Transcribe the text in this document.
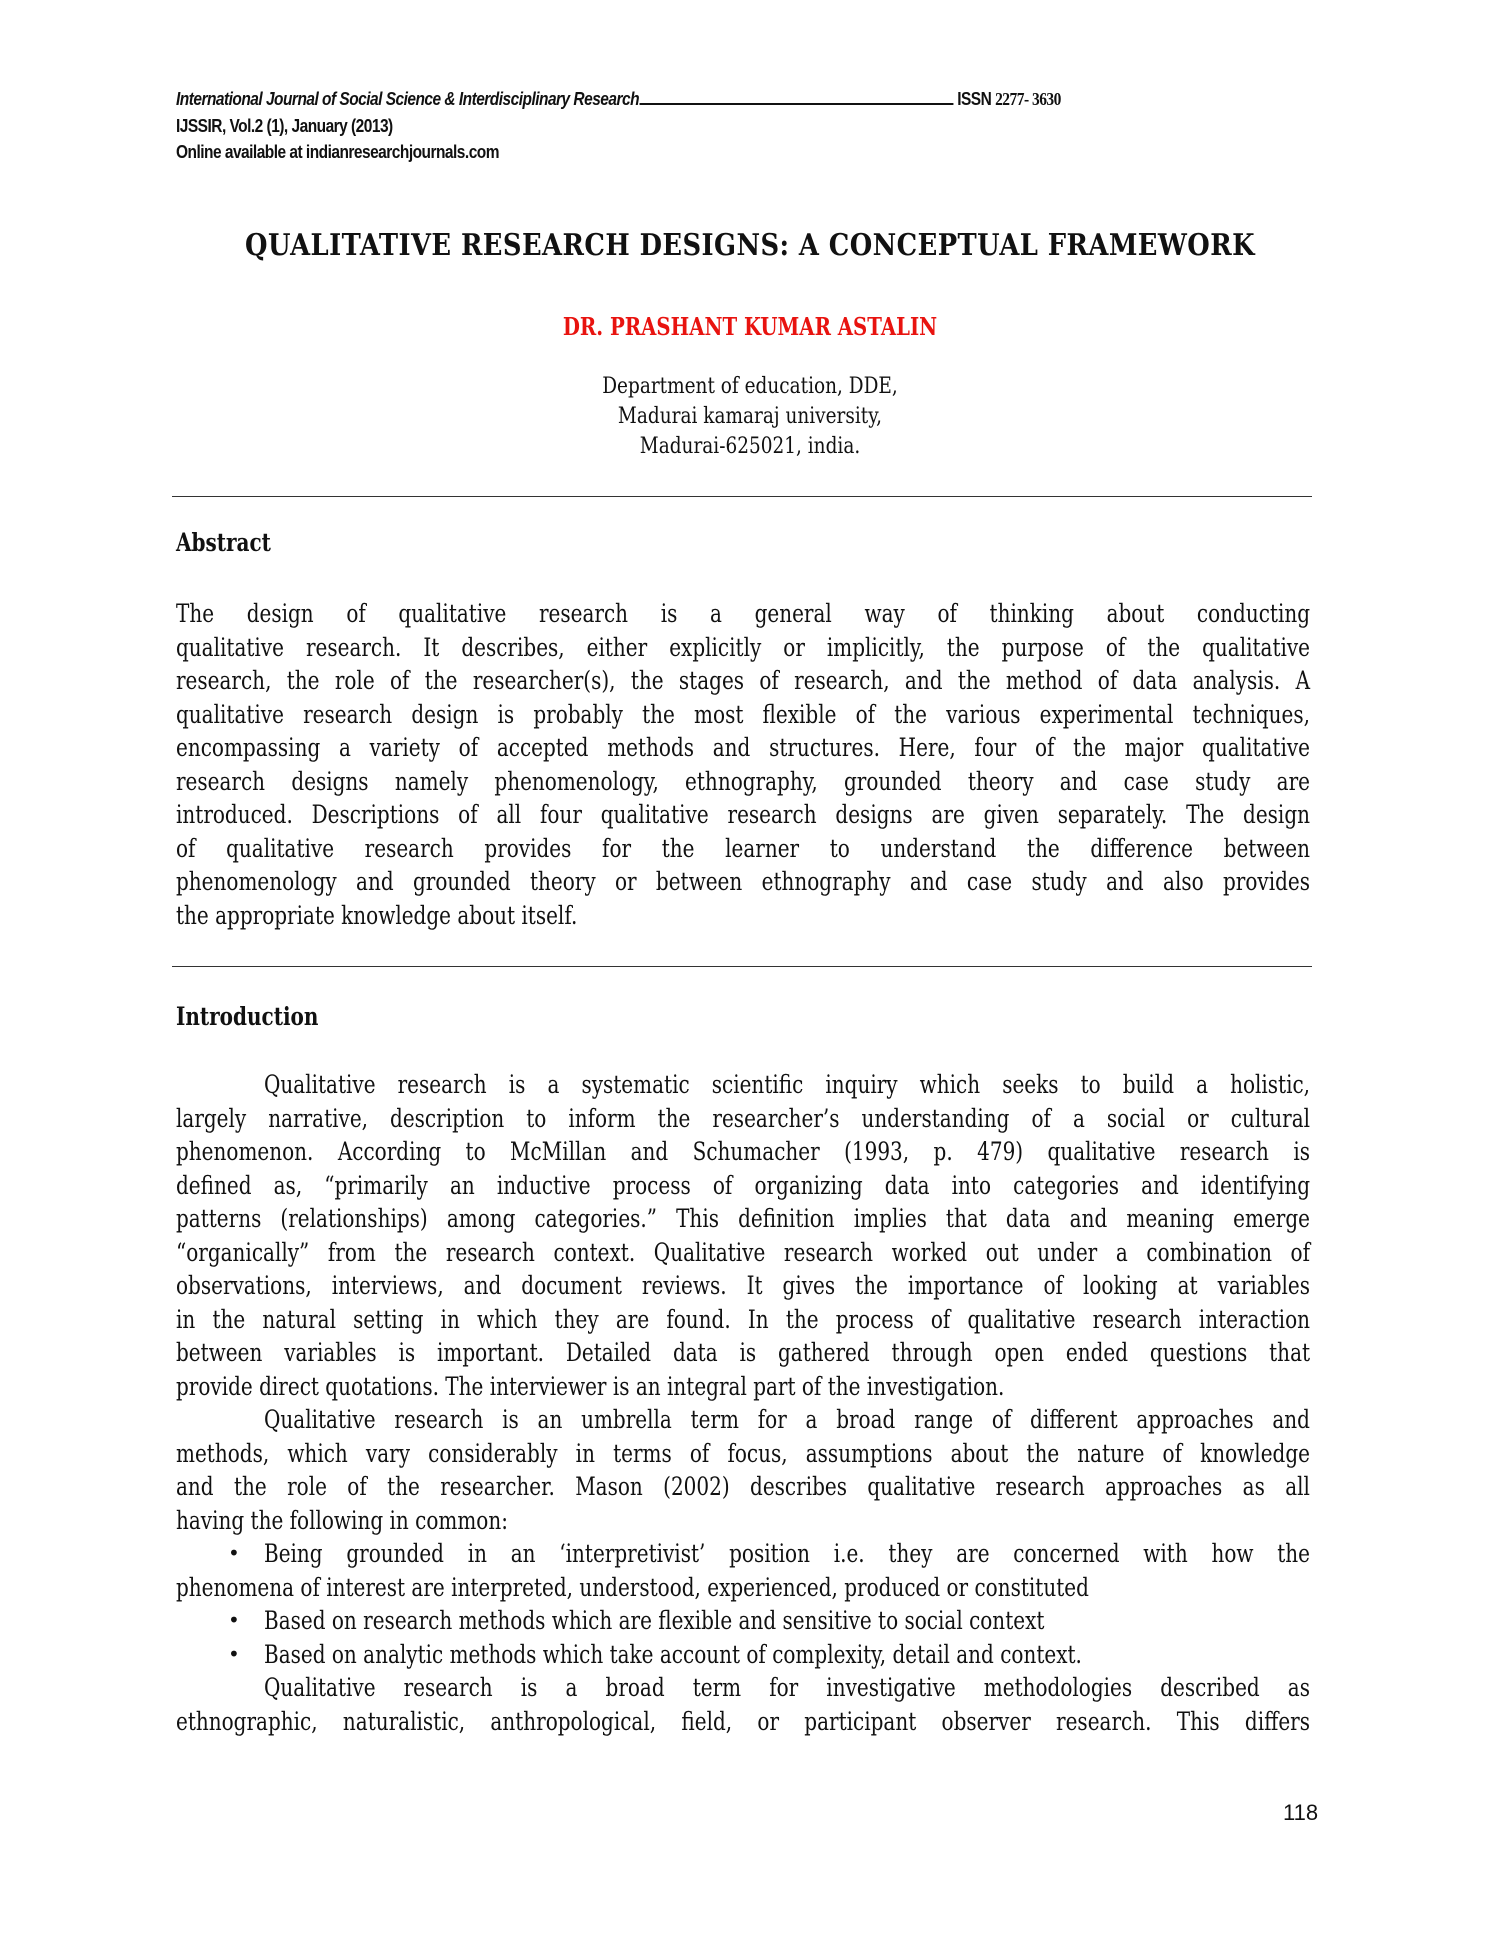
International Journal of Social Science & Interdisciplinary Research	ISSN 2277- 3630
IJSSIR, Vol.2 (1), January (2013)
Online available at indianresearchjournals.com
QUALITATIVE RESEARCH DESIGNS: A CONCEPTUAL FRAMEWORK
DR. PRASHANT KUMAR ASTALIN
Department of education, DDE,
Madurai kamaraj university,
Madurai-625021, india.
Abstract
The design of qualitative research is a general way of thinking about conducting
qualitative research. It describes, either explicitly or implicitly, the purpose of the qualitative
research, the role of the researcher(s), the stages of research, and the method of data analysis. A
qualitative research design is probably the most flexible of the various experimental techniques,
encompassing a variety of accepted methods and structures. Here, four of the major qualitative
research designs namely phenomenology, ethnography, grounded theory and case study are
introduced. Descriptions of all four qualitative research designs are given separately. The design
of qualitative research provides for the learner to understand the difference between
phenomenology and grounded theory or between ethnography and case study and also provides
the appropriate knowledge about itself.
Introduction
Qualitative research is a systematic scientific inquiry which seeks to build a holistic,
largely narrative, description to inform the researcher’s understanding of a social or cultural
phenomenon. According to McMillan and Schumacher (1993, p. 479) qualitative research is
defined as, “primarily an inductive process of organizing data into categories and identifying
patterns (relationships) among categories.” This definition implies that data and meaning emerge
“organically” from the research context. Qualitative research worked out under a combination of
observations, interviews, and document reviews. It gives the importance of looking at variables
in the natural setting in which they are found. In the process of qualitative research interaction
between variables is important. Detailed data is gathered through open ended questions that
provide direct quotations. The interviewer is an integral part of the investigation.
Qualitative research is an umbrella term for a broad range of different approaches and
methods, which vary considerably in terms of focus, assumptions about the nature of knowledge
and the role of the researcher. Mason (2002) describes qualitative research approaches as all
having the following in common:
• Being grounded in an ‘interpretivist’ position i.e. they are concerned with how the
phenomena of interest are interpreted, understood, experienced, produced or constituted
• Based on research methods which are flexible and sensitive to social context
• Based on analytic methods which take account of complexity, detail and context.
Qualitative research is a broad term for investigative methodologies described as
ethnographic, naturalistic, anthropological, field, or participant observer research. This differs
118
